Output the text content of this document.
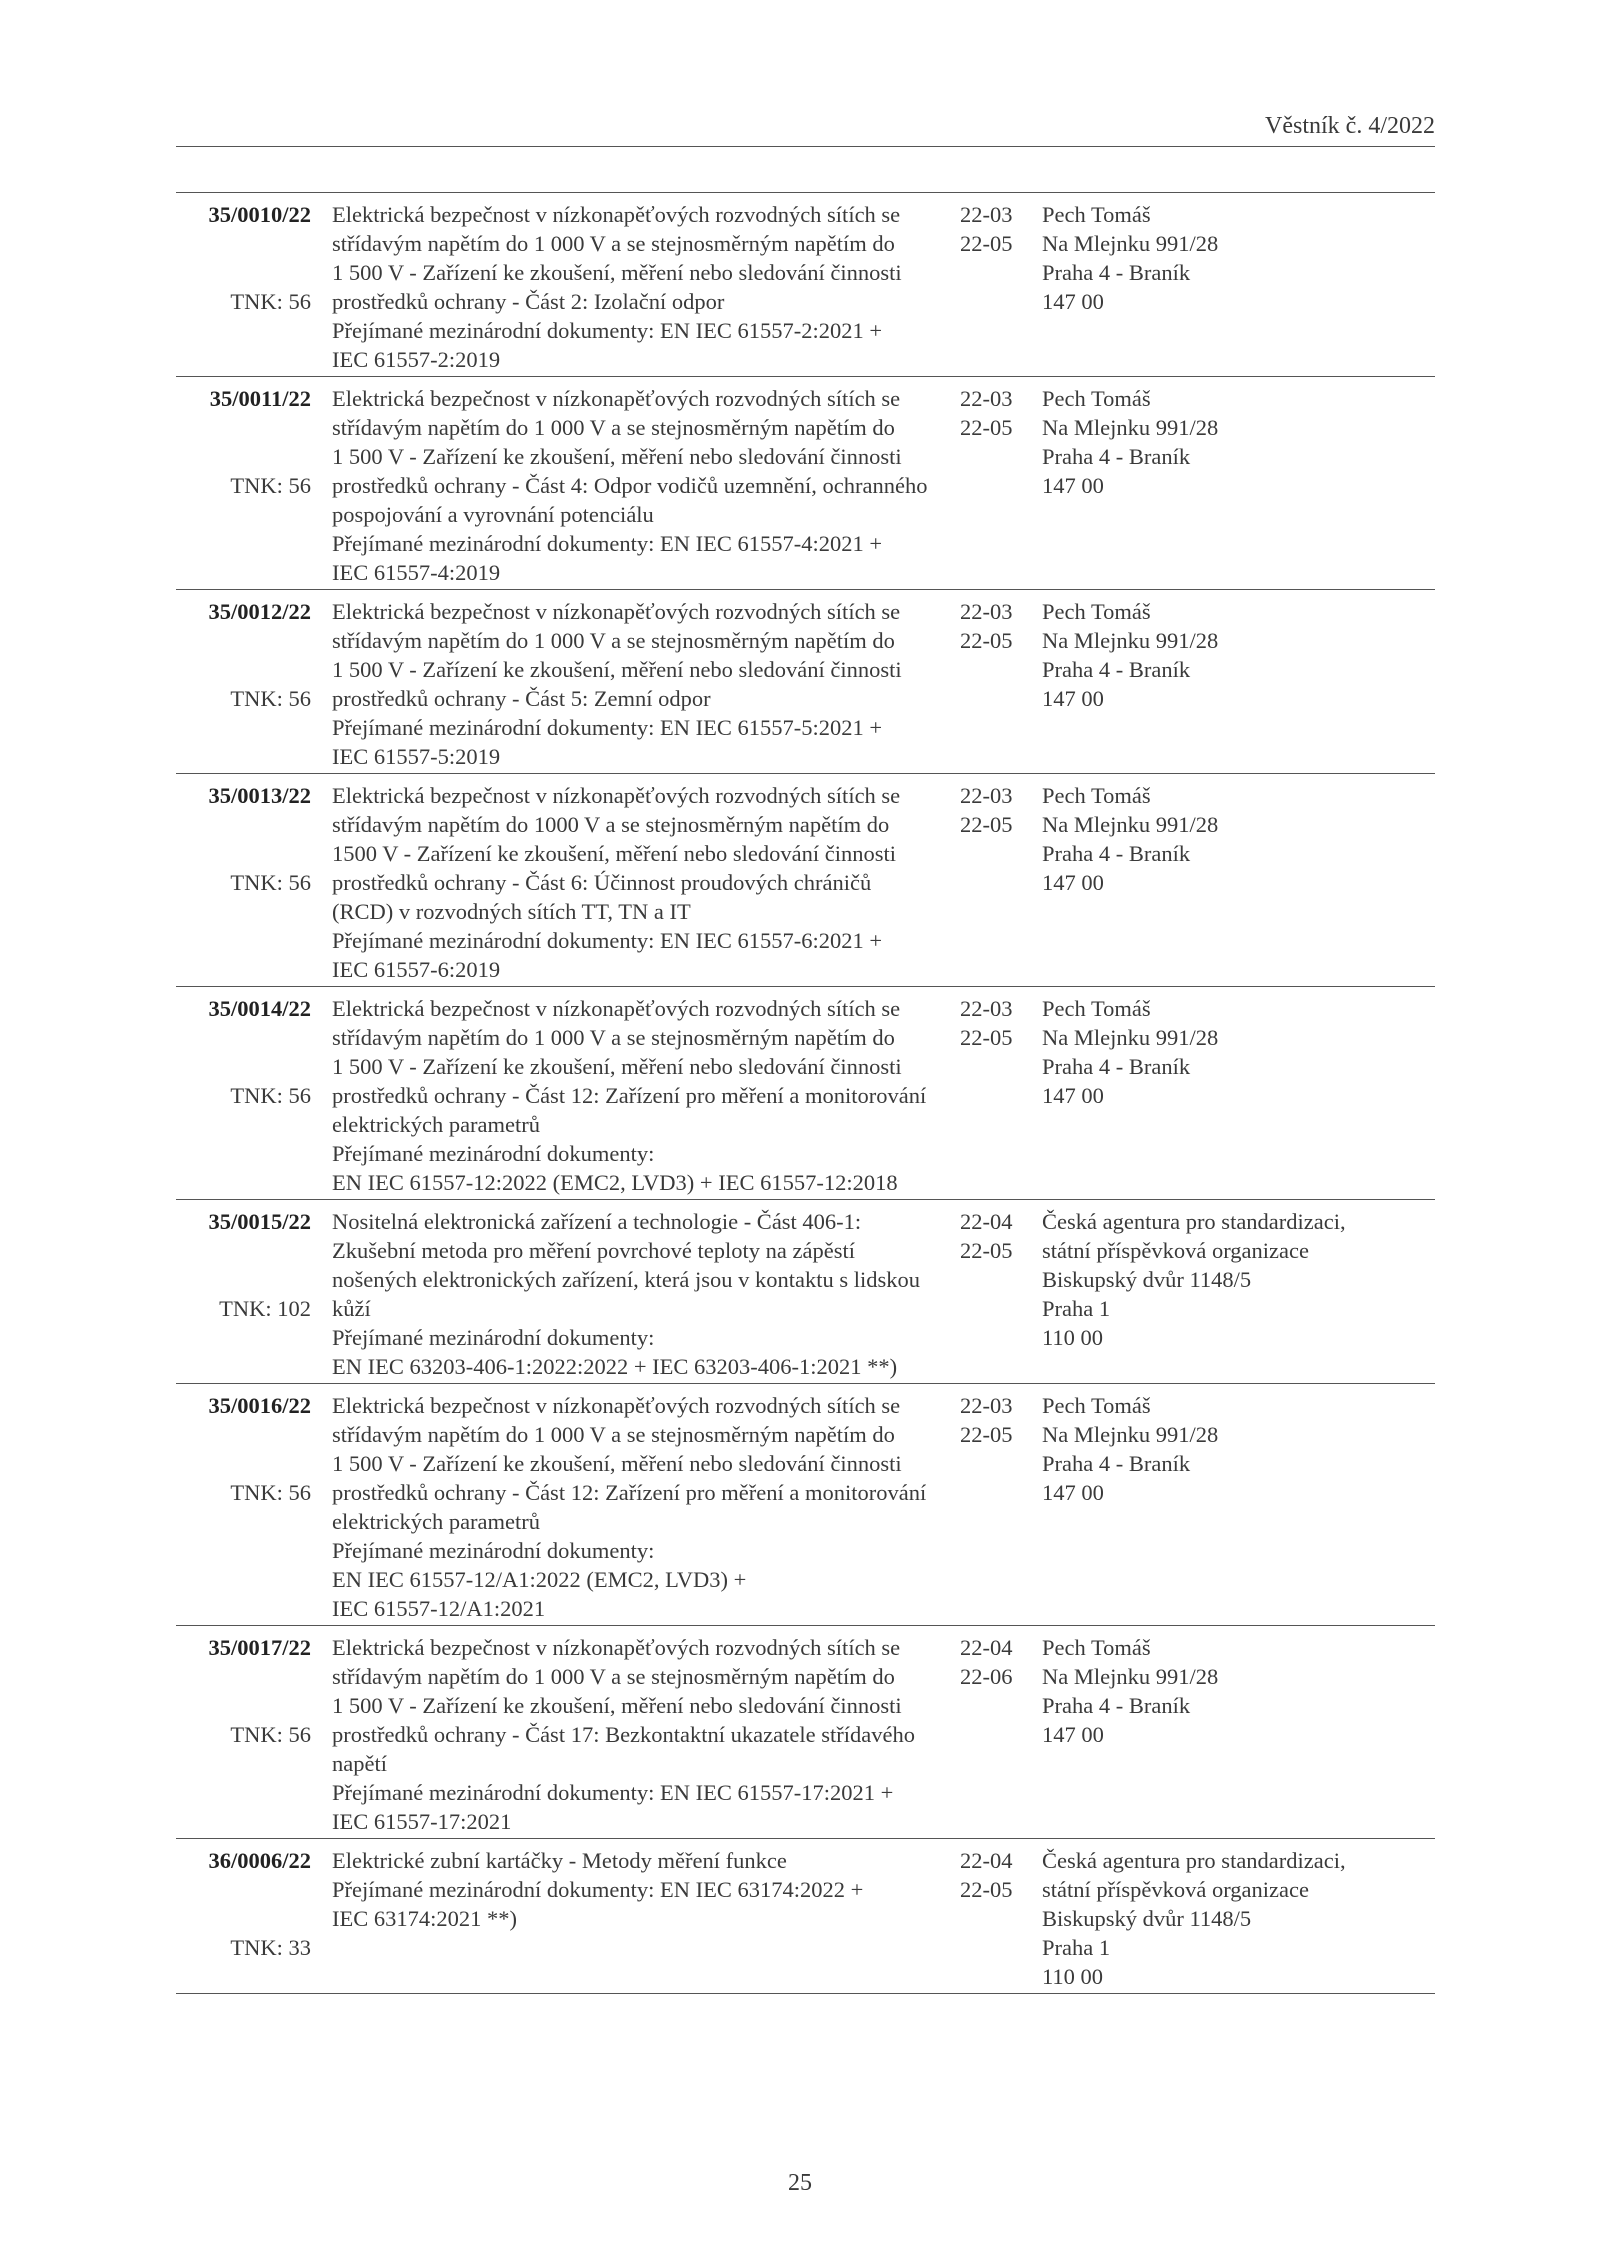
Věstník č. 4/2022
35/0010/22
TNK: 56
Elektrická bezpečnost v nízkonapěťových rozvodných sítích se
střídavým napětím do 1 000 V a se stejnosměrným napětím do
1 500 V - Zařízení ke zkoušení, měření nebo sledování činnosti
prostředků ochrany - Část 2: Izolační odpor
Přejímané mezinárodní dokumenty: EN IEC 61557-2:2021 +
IEC 61557-2:2019
22-03
22-05
Pech Tomáš
Na Mlejnku 991/28
Praha 4 - Braník
147 00
35/0011/22
TNK: 56
Elektrická bezpečnost v nízkonapěťových rozvodných sítích se
střídavým napětím do 1 000 V a se stejnosměrným napětím do
1 500 V - Zařízení ke zkoušení, měření nebo sledování činnosti
prostředků ochrany - Část 4: Odpor vodičů uzemnění, ochranného
pospojování a vyrovnání potenciálu
Přejímané mezinárodní dokumenty: EN IEC 61557-4:2021 +
IEC 61557-4:2019
22-03
22-05
Pech Tomáš
Na Mlejnku 991/28
Praha 4 - Braník
147 00
35/0012/22
TNK: 56
Elektrická bezpečnost v nízkonapěťových rozvodných sítích se
střídavým napětím do 1 000 V a se stejnosměrným napětím do
1 500 V - Zařízení ke zkoušení, měření nebo sledování činnosti
prostředků ochrany - Část 5: Zemní odpor
Přejímané mezinárodní dokumenty: EN IEC 61557-5:2021 +
IEC 61557-5:2019
22-03
22-05
Pech Tomáš
Na Mlejnku 991/28
Praha 4 - Braník
147 00
35/0013/22
TNK: 56
Elektrická bezpečnost v nízkonapěťových rozvodných sítích se
střídavým napětím do 1000 V a se stejnosměrným napětím do
1500 V - Zařízení ke zkoušení, měření nebo sledování činnosti
prostředků ochrany - Část 6: Účinnost proudových chráničů
(RCD) v rozvodných sítích TT, TN a IT
Přejímané mezinárodní dokumenty: EN IEC 61557-6:2021 +
IEC 61557-6:2019
22-03
22-05
Pech Tomáš
Na Mlejnku 991/28
Praha 4 - Braník
147 00
35/0014/22
TNK: 56
Elektrická bezpečnost v nízkonapěťových rozvodných sítích se
střídavým napětím do 1 000 V a se stejnosměrným napětím do
1 500 V - Zařízení ke zkoušení, měření nebo sledování činnosti
prostředků ochrany - Část 12: Zařízení pro měření a monitorování
elektrických parametrů
Přejímané mezinárodní dokumenty:
EN IEC 61557-12:2022 (EMC2, LVD3) + IEC 61557-12:2018
22-03
22-05
Pech Tomáš
Na Mlejnku 991/28
Praha 4 - Braník
147 00
35/0015/22
TNK: 102
Nositelná elektronická zařízení a technologie - Část 406-1:
Zkušební metoda pro měření povrchové teploty na zápěstí
nošených elektronických zařízení, která jsou v kontaktu s lidskou
kůží
Přejímané mezinárodní dokumenty:
EN IEC 63203-406-1:2022:2022 + IEC 63203-406-1:2021 **)
22-04
22-05
Česká agentura pro standardizaci,
státní příspěvková organizace
Biskupský dvůr 1148/5
Praha 1
110 00
35/0016/22
TNK: 56
Elektrická bezpečnost v nízkonapěťových rozvodných sítích se
střídavým napětím do 1 000 V a se stejnosměrným napětím do
1 500 V - Zařízení ke zkoušení, měření nebo sledování činnosti
prostředků ochrany - Část 12: Zařízení pro měření a monitorování
elektrických parametrů
Přejímané mezinárodní dokumenty:
EN IEC 61557-12/A1:2022 (EMC2, LVD3) +
IEC 61557-12/A1:2021
22-03
22-05
Pech Tomáš
Na Mlejnku 991/28
Praha 4 - Braník
147 00
35/0017/22
TNK: 56
Elektrická bezpečnost v nízkonapěťových rozvodných sítích se
střídavým napětím do 1 000 V a se stejnosměrným napětím do
1 500 V - Zařízení ke zkoušení, měření nebo sledování činnosti
prostředků ochrany - Část 17: Bezkontaktní ukazatele střídavého
napětí
Přejímané mezinárodní dokumenty: EN IEC 61557-17:2021 +
IEC 61557-17:2021
22-04
22-06
Pech Tomáš
Na Mlejnku 991/28
Praha 4 - Braník
147 00
36/0006/22
TNK: 33
Elektrické zubní kartáčky - Metody měření funkce
Přejímané mezinárodní dokumenty: EN IEC 63174:2022 +
IEC 63174:2021 **)
22-04
22-05
Česká agentura pro standardizaci,
státní příspěvková organizace
Biskupský dvůr 1148/5
Praha 1
110 00
25
